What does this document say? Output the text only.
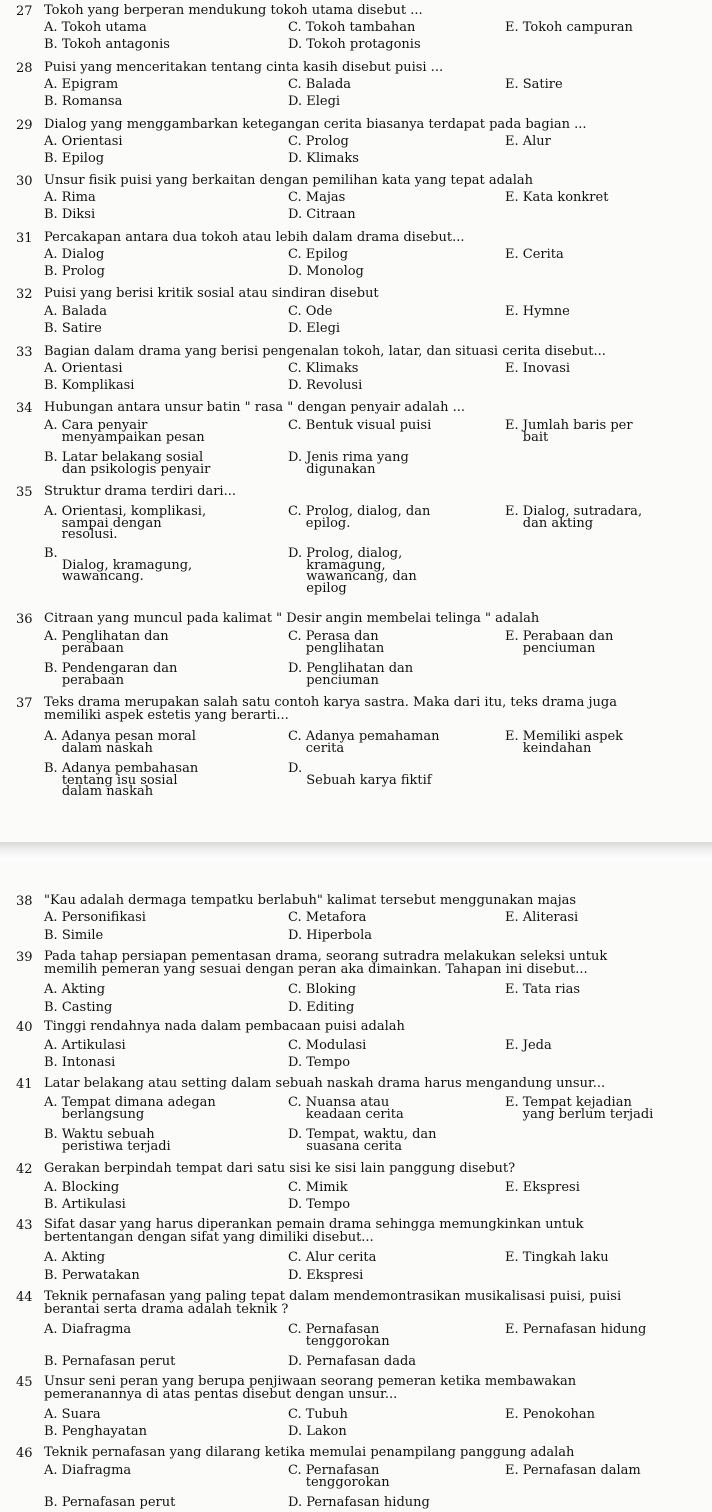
27 Tokoh yang berperan mendukung tokoh utama disebut ...
A. Tokoh utama
B. Tokoh antagonis
C. Tokoh tambahan
D. Tokoh protagonis
E. Tokoh campuran
28 Puisi yang menceritakan tentang cinta kasih disebut puisi ...
A. Epigram
B. Romansa
C. Balada
D. Elegi
E. Satire
29 Dialog yang menggambarkan ketegangan cerita biasanya terdapat pada bagian ...
A. Orientasi
B. Epilog
C. Prolog
D. Klimaks
E. Alur
30 Unsur fisik puisi yang berkaitan dengan pemilihan kata yang tepat adalah
A. Rima
B. Diksi
C. Majas
D. Citraan
E. Kata konkret
31 Percakapan antara dua tokoh atau lebih dalam drama disebut...
A. Dialog
B. Prolog
C. Epilog
D. Monolog
E. Cerita
32 Puisi yang berisi kritik sosial atau sindiran disebut
A. Balada
B. Satire
C. Ode
D. Elegi
E. Hymne
33 Bagian dalam drama yang berisi pengenalan tokoh, latar, dan situasi cerita disebut...
A. Orientasi
B. Komplikasi
C. Klimaks
D. Revolusi
E. Inovasi
34 Hubungan antara unsur batin " rasa " dengan penyair adalah ...
A. Cara penyair
menyampaikan pesan
B. Latar belakang sosial
dan psikologis penyair
C. Bentuk visual puisi
D. Jenis rima yang
digunakan
E. Jumlah baris per
bait
35 Struktur drama terdiri dari...
A. Orientasi, komplikasi,
sampai dengan
resolusi.
B.
Dialog, kramagung,
wawancang.
C. Prolog, dialog, dan
epilog.
D. Prolog, dialog,
kramagung,
wawancang, dan
epilog
E. Dialog, sutradara,
dan akting
36 Citraan yang muncul pada kalimat " Desir angin membelai telinga " adalah
A. Penglihatan dan
perabaan
B. Pendengaran dan
perabaan
C. Perasa dan
penglihatan
D. Penglihatan dan
penciuman
E. Perabaan dan
penciuman
37 Teks drama merupakan salah satu contoh karya sastra. Maka dari itu, teks drama juga memiliki aspek estetis yang berarti...
A. Adanya pesan moral
dalam naskah
B. Adanya pembahasan
tentang isu sosial
dalam naskah
C. Adanya pemahaman
cerita
D.
Sebuah karya fiktif
E. Memiliki aspek
keindahan
38 "Kau adalah dermaga tempatku berlabuh" kalimat tersebut menggunakan majas
A. Personifikasi
B. Simile
C. Metafora
D. Hiperbola
E. Aliterasi
39 Pada tahap persiapan pementasan drama, seorang sutradra melakukan seleksi untuk memilih pemeran yang sesuai dengan peran aka dimainkan. Tahapan ini disebut...
A. Akting
B. Casting
C. Bloking
D. Editing
E. Tata rias
40 Tinggi rendahnya nada dalam pembacaan puisi adalah
A. Artikulasi
B. Intonasi
C. Modulasi
D. Tempo
E. Jeda
41 Latar belakang atau setting dalam sebuah naskah drama harus mengandung unsur...
A. Tempat dimana adegan
berlangsung
B. Waktu sebuah
peristiwa terjadi
C. Nuansa atau
keadaan cerita
D. Tempat, waktu, dan
suasana cerita
E. Tempat kejadian
yang berlum terjadi
42 Gerakan berpindah tempat dari satu sisi ke sisi lain panggung disebut?
A. Blocking
B. Artikulasi
C. Mimik
D. Tempo
E. Ekspresi
43 Sifat dasar yang harus diperankan pemain drama sehingga memungkinkan untuk bertentangan dengan sifat yang dimiliki disebut...
A. Akting
B. Perwatakan
C. Alur cerita
D. Ekspresi
E. Tingkah laku
44 Teknik pernafasan yang paling tepat dalam mendemontrasikan musikalisasi puisi, puisi berantai serta drama adalah teknik ?
A. Diafragma
B. Pernafasan perut
C. Pernafasan
tenggorokan
D. Pernafasan dada
E. Pernafasan hidung
45 Unsur seni peran yang berupa penjiwaan seorang pemeran ketika membawakan pemeranannya di atas pentas disebut dengan unsur...
A. Suara
B. Penghayatan
C. Tubuh
D. Lakon
E. Penokohan
46 Teknik pernafasan yang dilarang ketika memulai penampilang panggung adalah
A. Diafragma
B. Pernafasan perut
C. Pernafasan
tenggorokan
D. Pernafasan hidung
E. Pernafasan dalam
